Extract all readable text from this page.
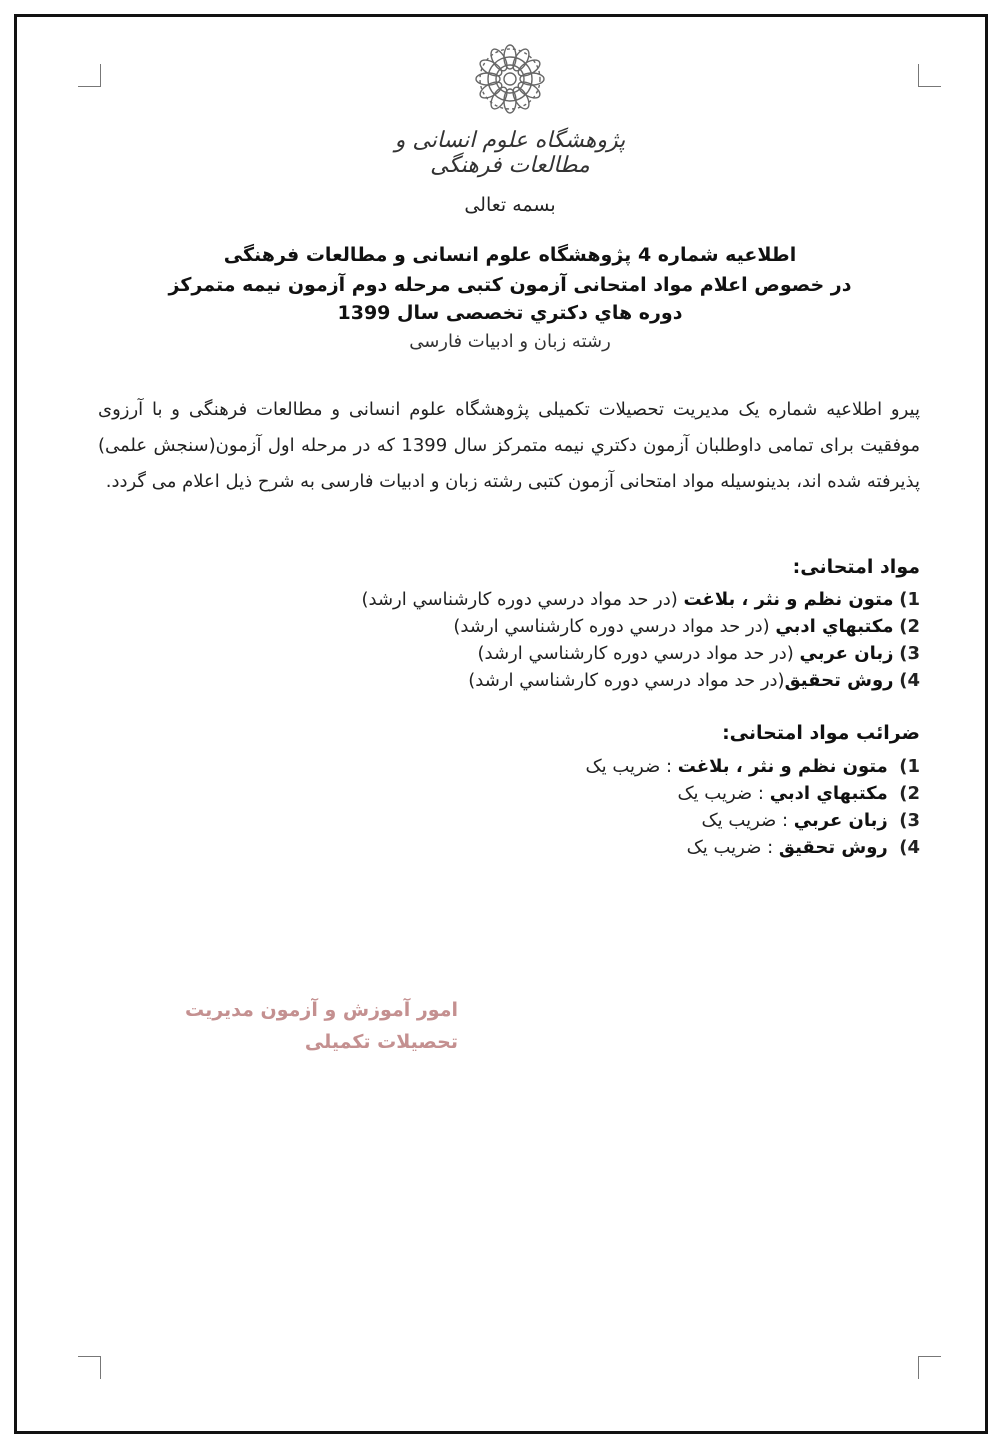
پژوهشگاه علوم انسانی و مطالعات فرهنگی
بسمه تعالی
اطلاعیه شماره 4 پژوهشگاه علوم انسانی و مطالعات فرهنگی
در خصوص اعلام مواد امتحانی آزمون کتبی مرحله دوم آزمون نیمه متمرکز
دوره هاي دكتري تخصصی سال 1399
رشته زبان و ادبیات فارسی
پیرو اطلاعیه شماره یک مدیریت تحصیلات تکمیلی پژوهشگاه علوم انسانی و مطالعات فرهنگی و با آرزوی موفقیت برای تمامی داوطلبان آزمون دکتري نیمه متمرکز سال 1399 که در مرحله اول آزمون(سنجش علمی) پذیرفته شده اند، بدینوسیله مواد امتحانی آزمون کتبی رشته زبان و ادبیات فارسی به شرح ذیل اعلام می گردد.
مواد امتحانی:
1) متون نظم و نثر ، بلاغت (در حد مواد درسي دوره كارشناسي ارشد)
2) مکتبهاي ادبي (در حد مواد درسي دوره كارشناسي ارشد)
3) زبان عربي (در حد مواد درسي دوره كارشناسي ارشد)
4) روش تحقیق(در حد مواد درسي دوره كارشناسي ارشد)
ضرائب مواد امتحانی:
1)  متون نظم و نثر ، بلاغت : ضریب یک
2)  مکتبهاي ادبي : ضریب یک
3)  زبان عربي : ضریب یک
4)  روش تحقیق : ضریب یک
امور آموزش و آزمون مدیریت تحصیلات تکمیلی
